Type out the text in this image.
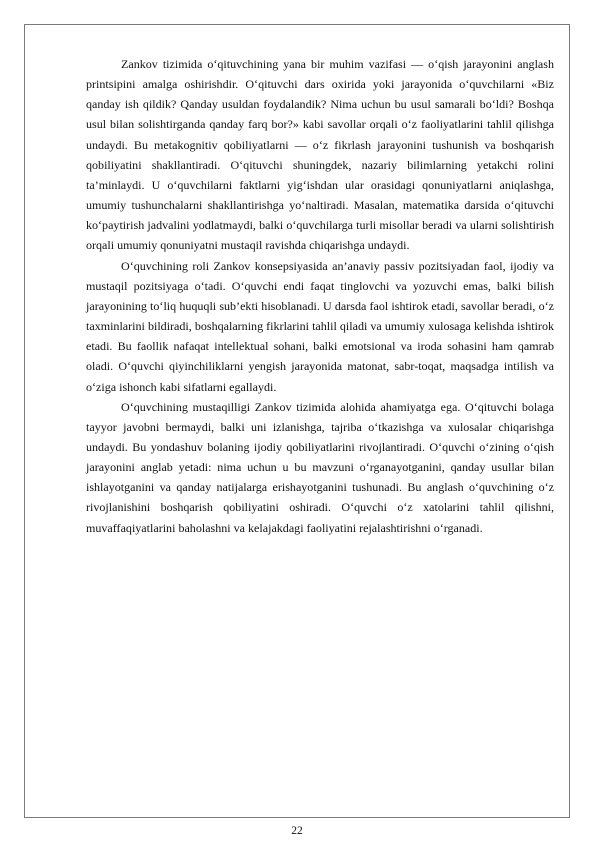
Zankov tizimida o‘qituvchining yana bir muhim vazifasi — o‘qish jarayonini anglash printsipini amalga oshirishdir. O‘qituvchi dars oxirida yoki jarayonida o‘quvchilarni «Biz qanday ish qildik? Qanday usuldan foydalandik? Nima uchun bu usul samarali bo‘ldi? Boshqa usul bilan solishtirganda qanday farq bor?» kabi savollar orqali o‘z faoliyatlarini tahlil qilishga undaydi. Bu metakognitiv qobiliyatlarni — o‘z fikrlash jarayonini tushunish va boshqarish qobiliyatini shakllantiradi. O‘qituvchi shuningdek, nazariy bilimlarning yetakchi rolini ta’minlaydi. U o‘quvchilarni faktlarni yig‘ishdan ular orasidagi qonuniyatlarni aniqlashga, umumiy tushunchalarni shakllantirishga yo‘naltiradi. Masalan, matematika darsida o‘qituvchi ko‘paytirish jadvalini yodlatmaydi, balki o‘quvchilarga turli misollar beradi va ularni solishtirish orqali umumiy qonuniyatni mustaqil ravishda chiqarishga undaydi.

O‘quvchining roli Zankov konsepsiyasida an’anaviy passiv pozitsiyadan faol, ijodiy va mustaqil pozitsiyaga o‘tadi. O‘quvchi endi faqat tinglovchi va yozuvchi emas, balki bilish jarayonining to‘liq huquqli sub’ekti hisoblanadi. U darsda faol ishtirok etadi, savollar beradi, o‘z taxminlarini bildiradi, boshqalarning fikrlarini tahlil qiladi va umumiy xulosaga kelishda ishtirok etadi. Bu faollik nafaqat intellektual sohani, balki emotsional va iroda sohasini ham qamrab oladi. O‘quvchi qiyinchiliklarni yengish jarayonida matonat, sabr-toqat, maqsadga intilish va o‘ziga ishonch kabi sifatlarni egallaydi.

O‘quvchining mustaqilligi Zankov tizimida alohida ahamiyatga ega. O‘qituvchi bolaga tayyor javobni bermaydi, balki uni izlanishga, tajriba o‘tkazishga va xulosalar chiqarishga undaydi. Bu yondashuv bolaning ijodiy qobiliyatlarini rivojlantiradi. O‘quvchi o‘zining o‘qish jarayonini anglab yetadi: nima uchun u bu mavzuni o‘rganayotganini, qanday usullar bilan ishlayotganini va qanday natijalarga erishayotganini tushunadi. Bu anglash o‘quvchining o‘z rivojlanishini boshqarish qobiliyatini oshiradi. O‘quvchi o‘z xatolarini tahlil qilishni, muvaffaqiyatlarini baholashni va kelajakdagi faoliyatini rejalashtirishni o‘rganadi.

22
